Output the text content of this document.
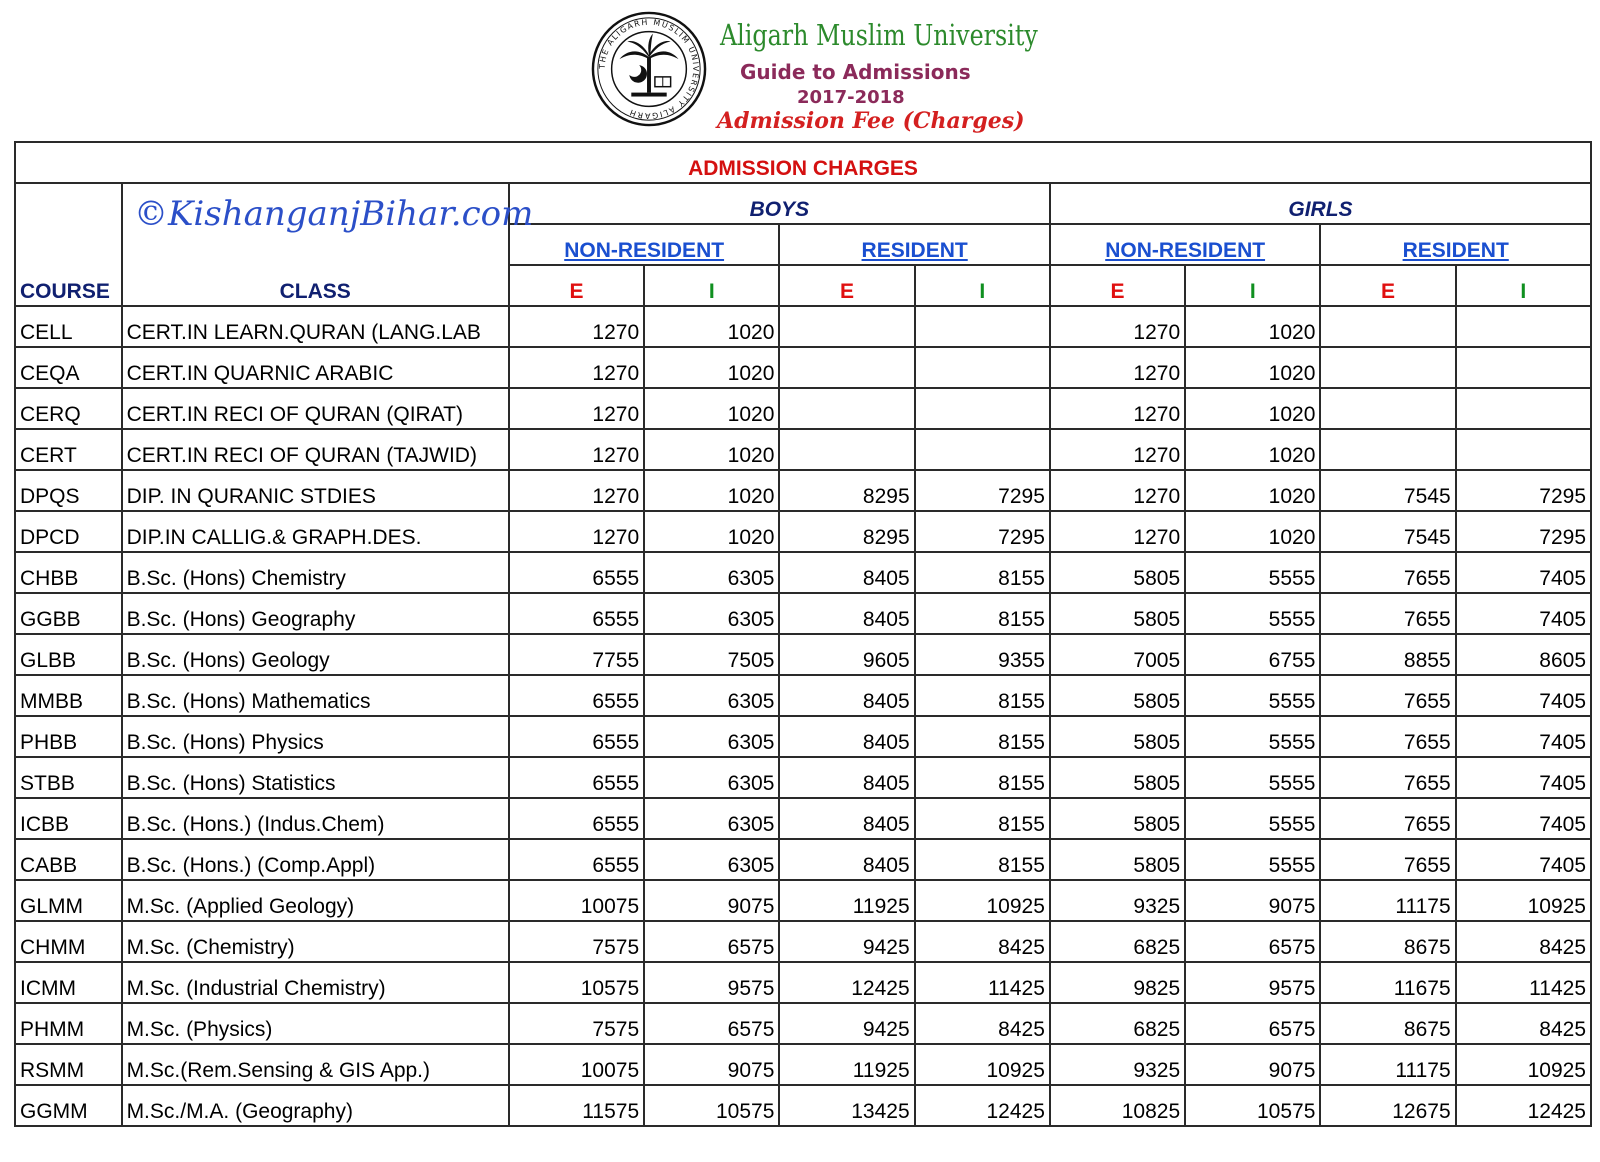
THE ALIGARH MUSLIM UNIVERSITY ALIGARH
Aligarh Muslim University
Guide to Admissions
2017-2018
Admission Fee (Charges)
ADMISSION CHARGES									
COURSE	CLASS	BOYS				GIRLS			
		NON-RESIDENT		RESIDENT		NON-RESIDENT		RESIDENT	
		E	I	E	I	E	I	E	I
CELL	CERT.IN LEARN.QURAN (LANG.LAB	1270	1020			1270	1020		
CEQA	CERT.IN QUARNIC ARABIC	1270	1020			1270	1020		
CERQ	CERT.IN RECI OF QURAN (QIRAT)	1270	1020			1270	1020		
CERT	CERT.IN RECI OF QURAN (TAJWID)	1270	1020			1270	1020		
DPQS	DIP. IN QURANIC STDIES	1270	1020	8295	7295	1270	1020	7545	7295
DPCD	DIP.IN CALLIG.& GRAPH.DES.	1270	1020	8295	7295	1270	1020	7545	7295
CHBB	B.Sc. (Hons) Chemistry	6555	6305	8405	8155	5805	5555	7655	7405
GGBB	B.Sc. (Hons) Geography	6555	6305	8405	8155	5805	5555	7655	7405
GLBB	B.Sc. (Hons) Geology	7755	7505	9605	9355	7005	6755	8855	8605
MMBB	B.Sc. (Hons) Mathematics	6555	6305	8405	8155	5805	5555	7655	7405
PHBB	B.Sc. (Hons) Physics	6555	6305	8405	8155	5805	5555	7655	7405
STBB	B.Sc. (Hons) Statistics	6555	6305	8405	8155	5805	5555	7655	7405
ICBB	B.Sc. (Hons.) (Indus.Chem)	6555	6305	8405	8155	5805	5555	7655	7405
CABB	B.Sc. (Hons.) (Comp.Appl)	6555	6305	8405	8155	5805	5555	7655	7405
GLMM	M.Sc. (Applied Geology)	10075	9075	11925	10925	9325	9075	11175	10925
CHMM	M.Sc. (Chemistry)	7575	6575	9425	8425	6825	6575	8675	8425
ICMM	M.Sc. (Industrial Chemistry)	10575	9575	12425	11425	9825	9575	11675	11425
PHMM	M.Sc. (Physics)	7575	6575	9425	8425	6825	6575	8675	8425
RSMM	M.Sc.(Rem.Sensing & GIS App.)	10075	9075	11925	10925	9325	9075	11175	10925
GGMM	M.Sc./M.A. (Geography)	11575	10575	13425	12425	10825	10575	12675	12425
©KishanganjBihar.com
